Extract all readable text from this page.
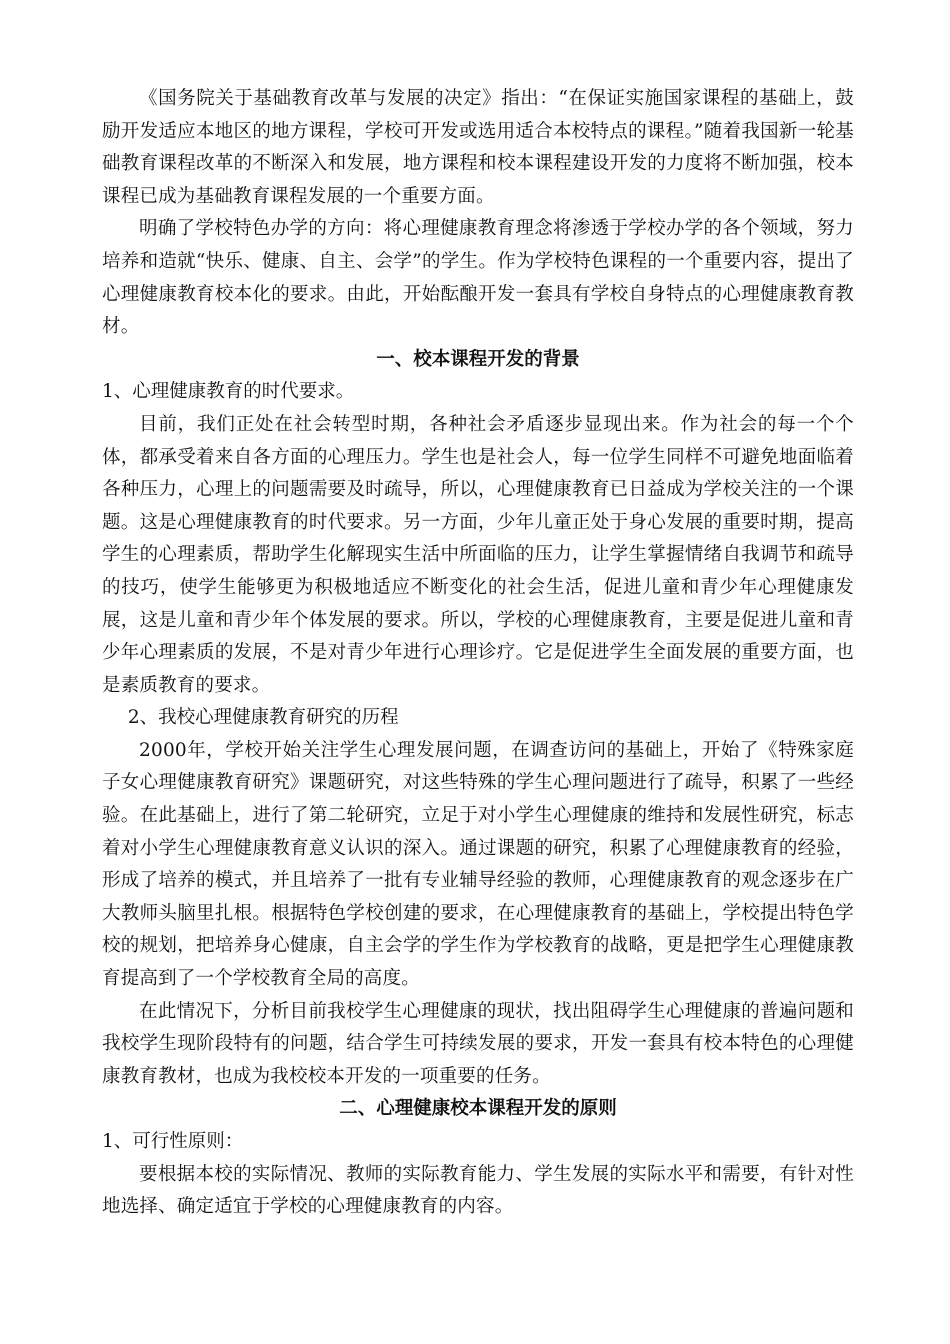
《国务院关于基础教育改革与发展的决定》指出：“在保证实施国家课程的基础上，鼓励开发适应本地区的地方课程，学校可开发或选用适合本校特点的课程。”随着我国新一轮基础教育课程改革的不断深入和发展，地方课程和校本课程建设开发的力度将不断加强，校本课程已成为基础教育课程发展的一个重要方面。

明确了学校特色办学的方向：将心理健康教育理念将渗透于学校办学的各个领域，努力培养和造就“快乐、健康、自主、会学”的学生。作为学校特色课程的一个重要内容，提出了心理健康教育校本化的要求。由此，开始酝酿开发一套具有学校自身特点的心理健康教育教材。

一、校本课程开发的背景

1、心理健康教育的时代要求。

目前，我们正处在社会转型时期，各种社会矛盾逐步显现出来。作为社会的每一个个体，都承受着来自各方面的心理压力。学生也是社会人，每一位学生同样不可避免地面临着各种压力，心理上的问题需要及时疏导，所以，心理健康教育已日益成为学校关注的一个课题。这是心理健康教育的时代要求。另一方面，少年儿童正处于身心发展的重要时期，提高学生的心理素质，帮助学生化解现实生活中所面临的压力，让学生掌握情绪自我调节和疏导的技巧，使学生能够更为积极地适应不断变化的社会生活，促进儿童和青少年心理健康发展，这是儿童和青少年个体发展的要求。所以，学校的心理健康教育，主要是促进儿童和青少年心理素质的发展，不是对青少年进行心理诊疗。它是促进学生全面发展的重要方面，也是素质教育的要求。

2、我校心理健康教育研究的历程

2000年，学校开始关注学生心理发展问题，在调查访问的基础上，开始了《特殊家庭子女心理健康教育研究》课题研究，对这些特殊的学生心理问题进行了疏导，积累了一些经验。在此基础上，进行了第二轮研究，立足于对小学生心理健康的维持和发展性研究，标志着对小学生心理健康教育意义认识的深入。通过课题的研究，积累了心理健康教育的经验，形成了培养的模式，并且培养了一批有专业辅导经验的教师，心理健康教育的观念逐步在广大教师头脑里扎根。根据特色学校创建的要求，在心理健康教育的基础上，学校提出特色学校的规划，把培养身心健康，自主会学的学生作为学校教育的战略，更是把学生心理健康教育提高到了一个学校教育全局的高度。

在此情况下，分析目前我校学生心理健康的现状，找出阻碍学生心理健康的普遍问题和我校学生现阶段特有的问题，结合学生可持续发展的要求，开发一套具有校本特色的心理健康教育教材，也成为我校校本开发的一项重要的任务。

二、心理健康校本课程开发的原则

1、可行性原则：

要根据本校的实际情况、教师的实际教育能力、学生发展的实际水平和需要，有针对性地选择、确定适宜于学校的心理健康教育的内容。
